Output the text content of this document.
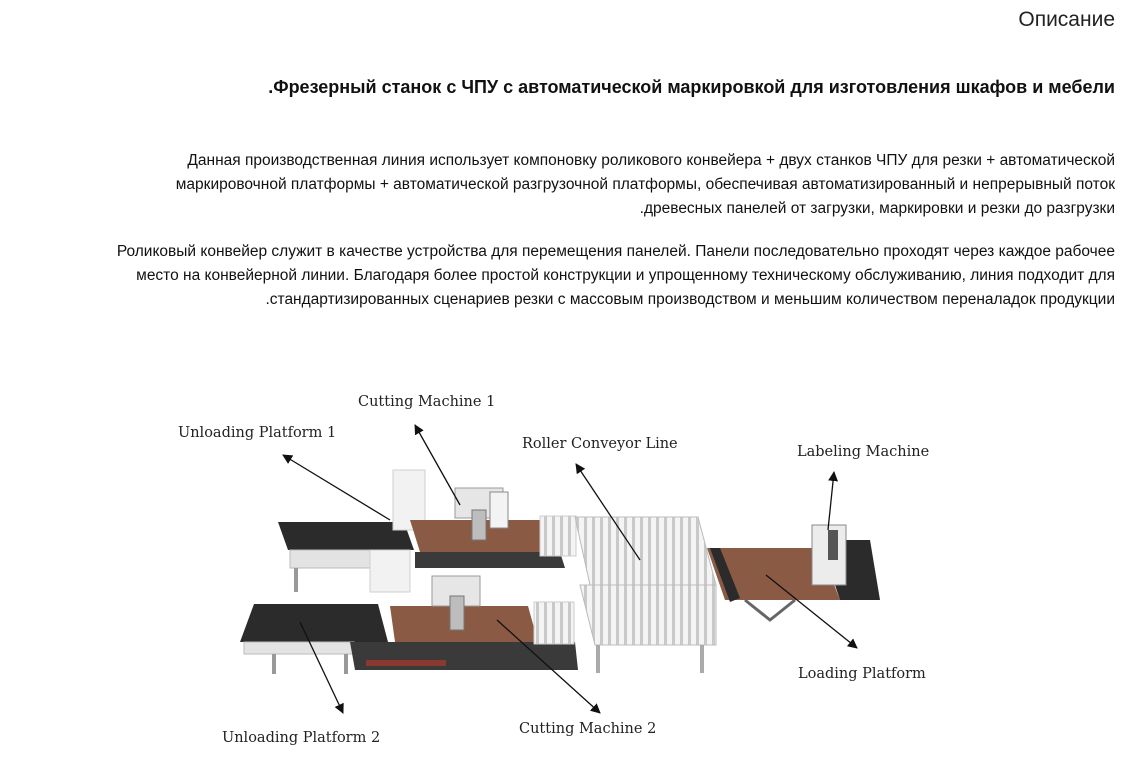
Описание
Фрезерный станок с ЧПУ с автоматической маркировкой для изготовления шкафов и мебели.

Данная производственная линия использует компоновку роликового конвейера + двух станков ЧПУ для резки + автоматической
маркировочной платформы + автоматической разгрузочной платформы, обеспечивая автоматизированный и непрерывный поток
древесных панелей от загрузки, маркировки и резки до разгрузки.

Роликовый конвейер служит в качестве устройства для перемещения панелей. Панели последовательно проходят через каждое рабочее
место на конвейерной линии. Благодаря более простой конструкции и упрощенному техническому обслуживанию, линия подходит для
стандартизированных сценариев резки с массовым производством и меньшим количеством переналадок продукции.

Cutting Machine 1
Unloading Platform 1
Roller Conveyor Line	Labeling Machine
Loading Platform
Cutting Machine 2
Unloading Platform 2
